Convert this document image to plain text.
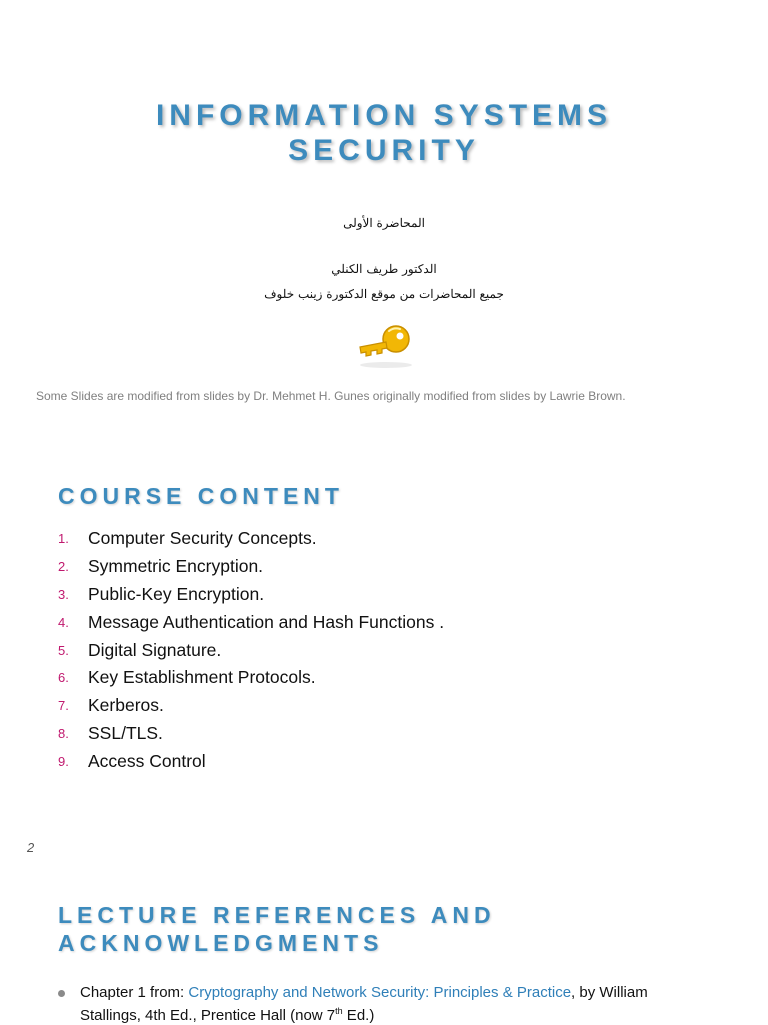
INFORMATION SYSTEMS
SECURITY
المحاضرة الأولى
الدكتور طريف الكنلي
جميع المحاضرات من موقع الدكتورة زينب خلوف
Some Slides are modified from slides by Dr. Mehmet H. Gunes originally modified from slides by Lawrie Brown.
COURSE CONTENT
1.	Computer Security Concepts.
2.	Symmetric Encryption.
3.	Public-Key Encryption.
4.	Message Authentication and Hash Functions .
5.	Digital Signature.
6.	Key Establishment Protocols.
7.	Kerberos.
8.	SSL/TLS.
9.	Access Control
2
LECTURE REFERENCES AND
ACKNOWLEDGMENTS
Chapter 1 from: Cryptography and Network Security: Principles & Practice, by William Stallings, 4th Ed., Prentice Hall (now 7th Ed.)
